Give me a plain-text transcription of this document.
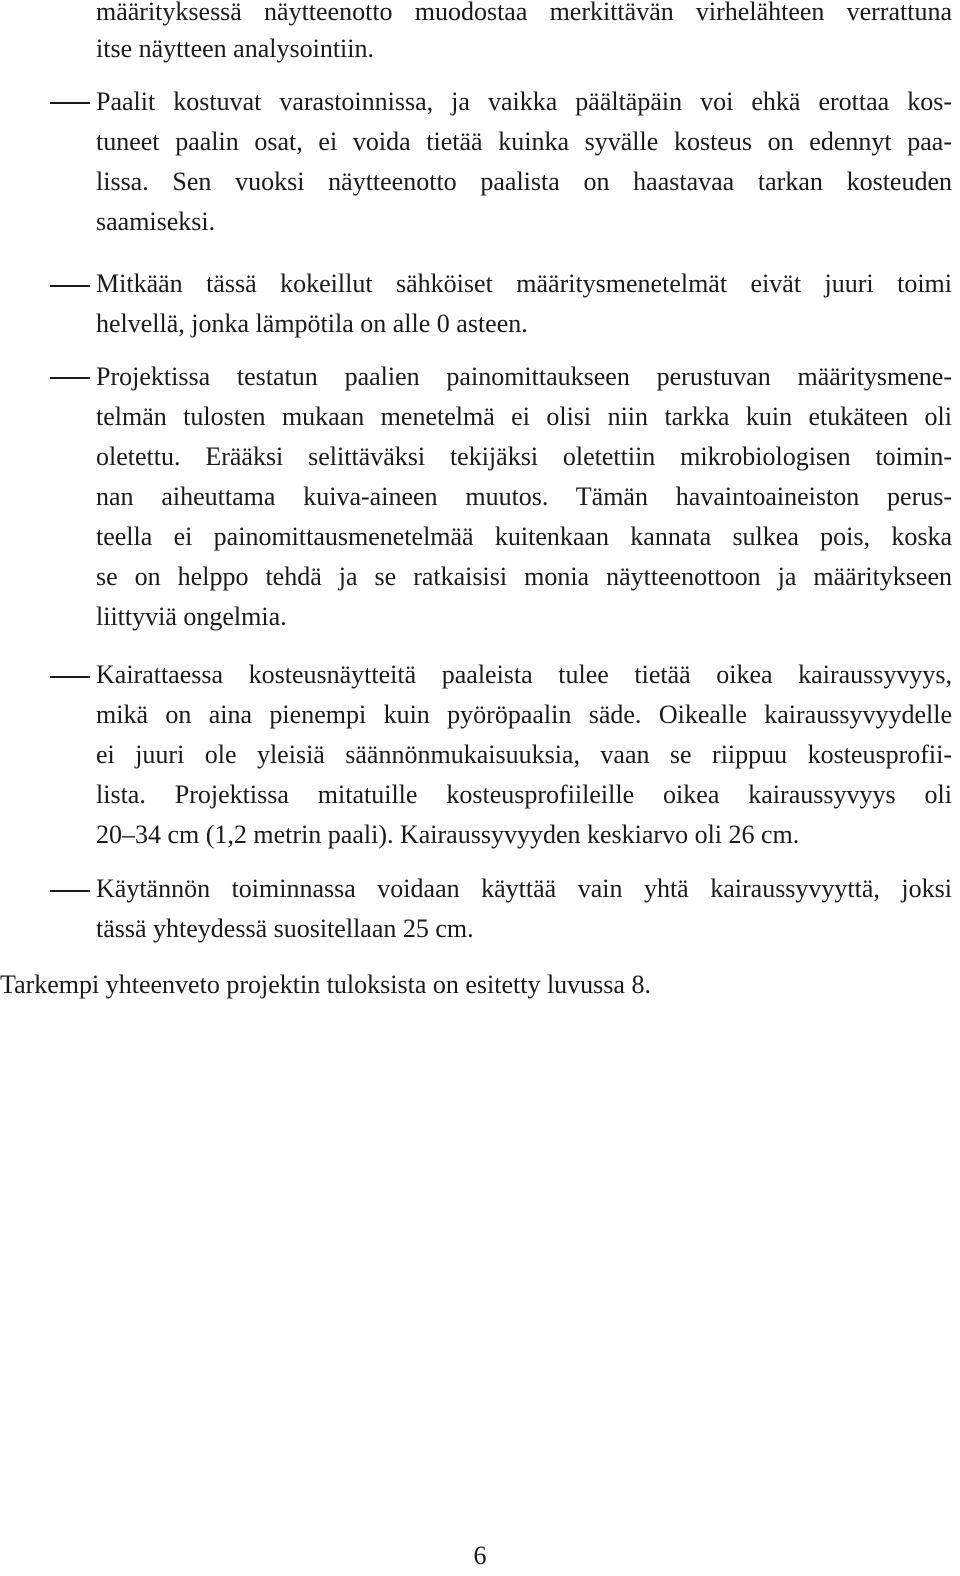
määrityksessä näytteenotto muodostaa merkittävän virhelähteen verrattuna
itse näytteen analysointiin.
Paalit kostuvat varastoinnissa, ja vaikka päältäpäin voi ehkä erottaa kos-
tuneet paalin osat, ei voida tietää kuinka syvälle kosteus on edennyt paa-
lissa. Sen vuoksi näytteenotto paalista on haastavaa tarkan kosteuden
saamiseksi.
Mitkään tässä kokeillut sähköiset määritysmenetelmät eivät juuri toimi
helvellä, jonka lämpötila on alle 0 asteen.
Projektissa testatun paalien painomittaukseen perustuvan määritysmene-
telmän tulosten mukaan menetelmä ei olisi niin tarkka kuin etukäteen oli
oletettu. Erääksi selittäväksi tekijäksi oletettiin mikrobiologisen toimin-
nan aiheuttama kuiva-aineen muutos. Tämän havaintoaineiston perus-
teella ei painomittausmenetelmää kuitenkaan kannata sulkea pois, koska
se on helppo tehdä ja se ratkaisisi monia näytteenottoon ja määritykseen
liittyviä ongelmia.
Kairattaessa kosteusnäytteitä paaleista tulee tietää oikea kairaussyvyys,
mikä on aina pienempi kuin pyöröpaalin säde. Oikealle kairaussyvyydelle
ei juuri ole yleisiä säännönmukaisuuksia, vaan se riippuu kosteusprofii-
lista. Projektissa mitatuille kosteusprofiileille oikea kairaussyvyys oli
20–34 cm (1,2 metrin paali). Kairaussyvyyden keskiarvo oli 26 cm.
Käytännön toiminnassa voidaan käyttää vain yhtä kairaussyvyyttä, joksi
tässä yhteydessä suositellaan 25 cm.
Tarkempi yhteenveto projektin tuloksista on esitetty luvussa 8.
6
